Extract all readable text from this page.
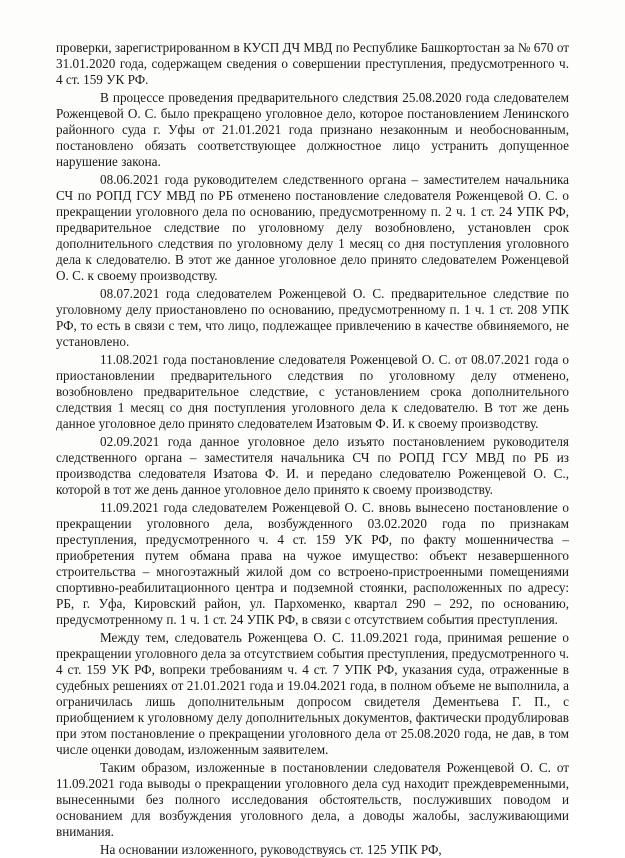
проверки, зарегистрированном в КУСП ДЧ МВД по Республике Башкортостан за № 670 от 31.01.2020 года, содержащем сведения о совершении преступления, предусмотренного ч. 4 ст. 159 УК РФ.

В процессе проведения предварительного следствия 25.08.2020 года следователем Роженцевой О. С. было прекращено уголовное дело, которое постановлением Ленинского районного суда г. Уфы от 21.01.2021 года признано незаконным и необоснованным, постановлено обязать соответствующее должностное лицо устранить допущенное нарушение закона.

08.06.2021 года руководителем следственного органа – заместителем начальника СЧ по РОПД ГСУ МВД по РБ отменено постановление следователя Роженцевой О. С. о прекращении уголовного дела по основанию, предусмотренному п. 2 ч. 1 ст. 24 УПК РФ, предварительное следствие по уголовному делу возобновлено, установлен срок дополнительного следствия по уголовному делу 1 месяц со дня поступления уголовного дела к следователю. В этот же данное уголовное дело принято следователем Роженцевой О. С. к своему производству.

08.07.2021 года следователем Роженцевой О. С. предварительное следствие по уголовному делу приостановлено по основанию, предусмотренному п. 1 ч. 1 ст. 208 УПК РФ, то есть в связи с тем, что лицо, подлежащее привлечению в качестве обвиняемого, не установлено.

11.08.2021 года постановление следователя Роженцевой О. С. от 08.07.2021 года о приостановлении предварительного следствия по уголовному делу отменено, возобновлено предварительное следствие, с установлением срока дополнительного следствия 1 месяц со дня поступления уголовного дела к следователю. В тот же день данное уголовное дело принято следователем Изатовым Ф. И. к своему производству.

02.09.2021 года данное уголовное дело изъято постановлением руководителя следственного органа – заместителя начальника СЧ по РОПД ГСУ МВД по РБ из производства следователя Изатова Ф. И. и передано следователю Роженцевой О. С., которой в тот же день данное уголовное дело принято к своему производству.

11.09.2021 года следователем Роженцевой О. С. вновь вынесено постановление о прекращении уголовного дела, возбужденного 03.02.2020 года по признакам преступления, предусмотренного ч. 4 ст. 159 УК РФ, по факту мошенничества – приобретения путем обмана права на чужое имущество: объект незавершенного строительства – многоэтажный жилой дом со встроено-пристроенными помещениями спортивно-реабилитационного центра и подземной стоянки, расположенных по адресу: РБ, г. Уфа, Кировский район, ул. Пархоменко, квартал 290 – 292, по основанию, предусмотренному п. 1 ч. 1 ст. 24 УПК РФ, в связи с отсутствием события преступления.

Между тем, следователь Роженцева О. С. 11.09.2021 года, принимая решение о прекращении уголовного дела за отсутствием события преступления, предусмотренного ч. 4 ст. 159 УК РФ, вопреки требованиям ч. 4 ст. 7 УПК РФ, указания суда, отраженные в судебных решениях от 21.01.2021 года и 19.04.2021 года, в полном объеме не выполнила, а ограничилась лишь дополнительным допросом свидетеля Дементьева Г. П., с приобщением к уголовному делу дополнительных документов, фактически продублировав при этом постановление о прекращении уголовного дела от 25.08.2020 года, не дав, в том числе оценки доводам, изложенным заявителем.

Таким образом, изложенные в постановлении следователя Роженцевой О. С. от 11.09.2021 года выводы о прекращении уголовного дела суд находит преждевременными, вынесенными без полного исследования обстоятельств, послуживших поводом и основанием для возбуждения уголовного дела, а доводы жалобы, заслуживающими внимания.

На основании изложенного, руководствуясь ст. 125 УПК РФ,
